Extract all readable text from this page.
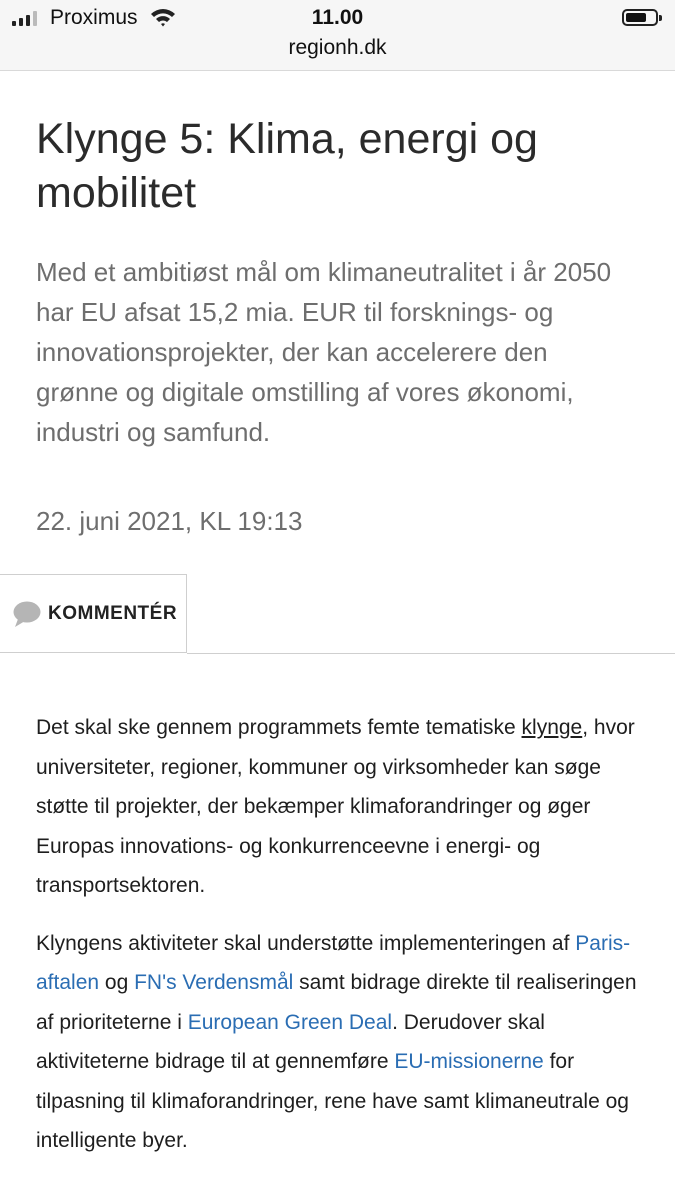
Proximus	11.00
regionh.dk
Klynge 5: Klima, energi og mobilitet

Med et ambitiøst mål om klimaneutralitet i år 2050 har EU afsat 15,2 mia. EUR til forsknings- og innovationsprojekter, der kan accelerere den grønne og digitale omstilling af vores økonomi, industri og samfund.

22. juni 2021, KL 19:13
KOMMENTÉR

Det skal ske gennem programmets femte tematiske klynge, hvor universiteter, regioner, kommuner og virksomheder kan søge støtte til projekter, der bekæmper klimaforandringer og øger Europas innovations- og konkurrenceevne i energi- og transportsektoren.

Klyngens aktiviteter skal understøtte implementeringen af Paris-aftalen og FN's Verdensmål samt bidrage direkte til realiseringen af prioriteterne i European Green Deal. Derudover skal aktiviteterne bidrage til at gennemføre EU-missionerne for tilpasning til klimaforandringer, rene have samt klimaneutrale og intelligente byer.
